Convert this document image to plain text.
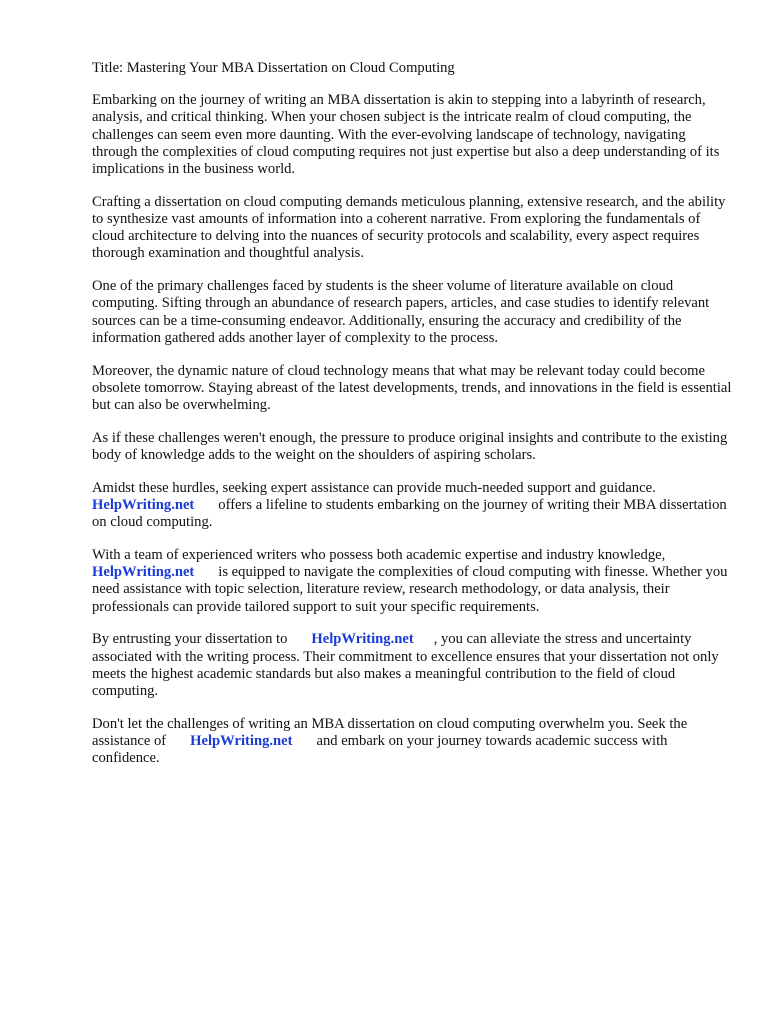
Title: Mastering Your MBA Dissertation on Cloud Computing

Embarking on the journey of writing an MBA dissertation is akin to stepping into a labyrinth of research, analysis, and critical thinking. When your chosen subject is the intricate realm of cloud computing, the challenges can seem even more daunting. With the ever-evolving landscape of technology, navigating through the complexities of cloud computing requires not just expertise but also a deep understanding of its implications in the business world.

Crafting a dissertation on cloud computing demands meticulous planning, extensive research, and the ability to synthesize vast amounts of information into a coherent narrative. From exploring the fundamentals of cloud architecture to delving into the nuances of security protocols and scalability, every aspect requires thorough examination and thoughtful analysis.

One of the primary challenges faced by students is the sheer volume of literature available on cloud computing. Sifting through an abundance of research papers, articles, and case studies to identify relevant sources can be a time-consuming endeavor. Additionally, ensuring the accuracy and credibility of the information gathered adds another layer of complexity to the process.

Moreover, the dynamic nature of cloud technology means that what may be relevant today could become obsolete tomorrow. Staying abreast of the latest developments, trends, and innovations in the field is essential but can also be overwhelming.

As if these challenges weren't enough, the pressure to produce original insights and contribute to the existing body of knowledge adds to the weight on the shoulders of aspiring scholars.

Amidst these hurdles, seeking expert assistance can provide much-needed support and guidance.
HelpWriting.net offers a lifeline to students embarking on the journey of writing their MBA dissertation on cloud computing.

With a team of experienced writers who possess both academic expertise and industry knowledge,
HelpWriting.net is equipped to navigate the complexities of cloud computing with finesse. Whether you need assistance with topic selection, literature review, research methodology, or data analysis, their professionals can provide tailored support to suit your specific requirements.

By entrusting your dissertation to HelpWriting.net , you can alleviate the stress and uncertainty associated with the writing process. Their commitment to excellence ensures that your dissertation not only meets the highest academic standards but also makes a meaningful contribution to the field of cloud computing.

Don't let the challenges of writing an MBA dissertation on cloud computing overwhelm you. Seek the assistance of HelpWriting.net and embark on your journey towards academic success with confidence.
